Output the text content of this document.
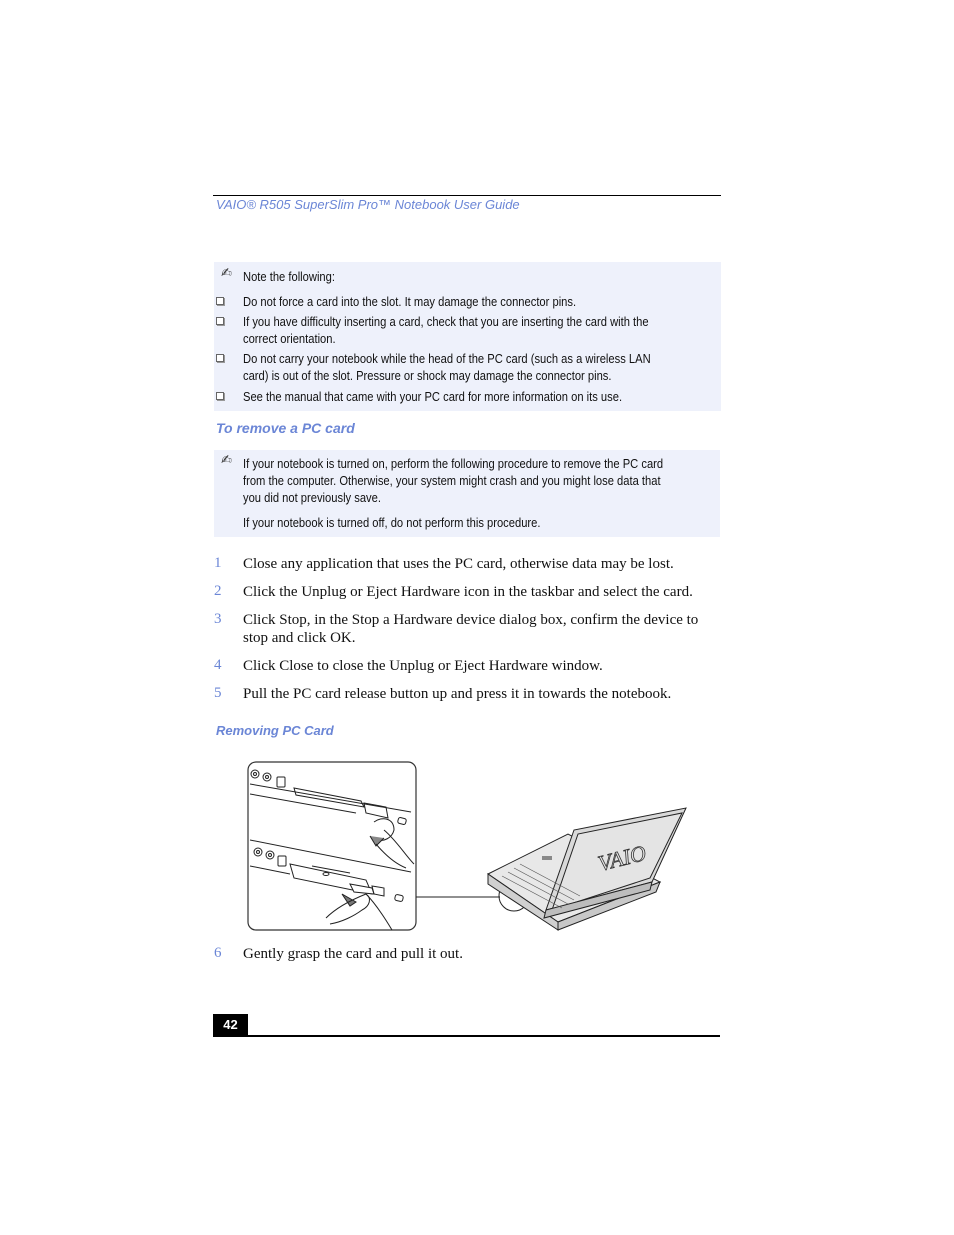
VAIO® R505 SuperSlim Pro™ Notebook User Guide
✍ Note the following:
Do not force a card into the slot. It may damage the connector pins.
If you have difficulty inserting a card, check that you are inserting the card with the
correct orientation.
Do not carry your notebook while the head of the PC card (such as a wireless LAN
card) is out of the slot. Pressure or shock may damage the connector pins.
See the manual that came with your PC card for more information on its use.
To remove a PC card
✍ If your notebook is turned on, perform the following procedure to remove the PC card
from the computer. Otherwise, your system might crash and you might lose data that
you did not previously save.
If your notebook is turned off, do not perform this procedure.
1 Close any application that uses the PC card, otherwise data may be lost.
2 Click the Unplug or Eject Hardware icon in the taskbar and select the card.
3 Click Stop, in the Stop a Hardware device dialog box, confirm the device to
stop and click OK.
4 Click Close to close the Unplug or Eject Hardware window.
5 Pull the PC card release button up and press it in towards the notebook.
Removing PC Card
VAIO
6 Gently grasp the card and pull it out.
42
